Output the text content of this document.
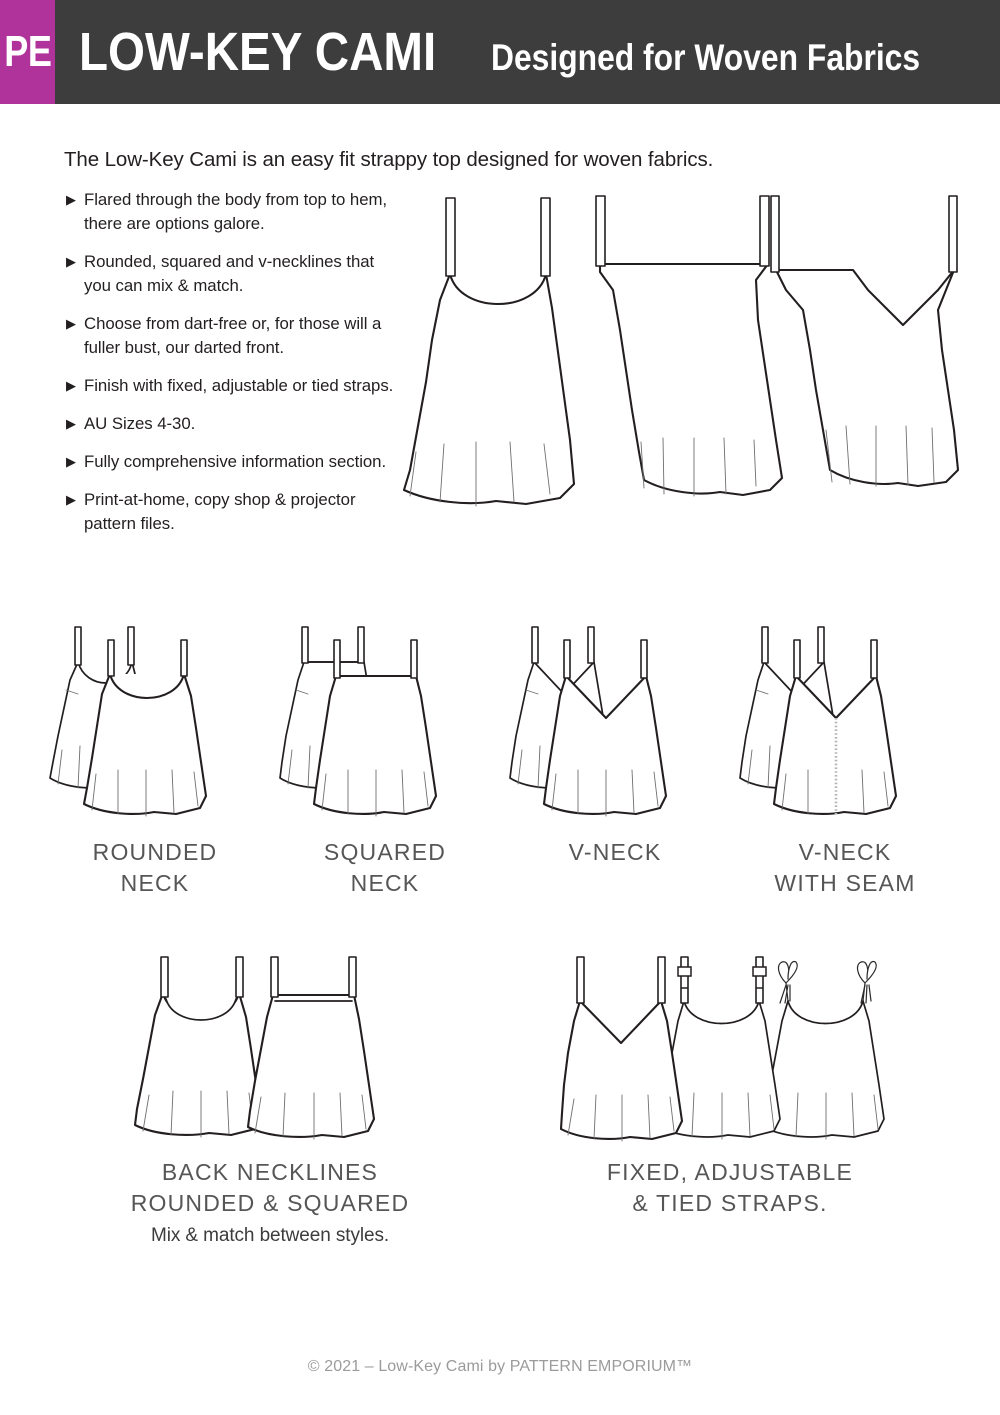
PE LOW-KEY CAMI Designed for Woven Fabrics
The Low-Key Cami is an easy fit strappy top designed for woven fabrics.
▶ Flared through the body from top to hem, there are options galore.
▶ Rounded, squared and v-necklines that you can mix & match.
▶ Choose from dart-free or, for those will a fuller bust, our darted front.
▶ Finish with fixed, adjustable or tied straps.
▶ AU Sizes 4-30.
▶ Fully comprehensive information section.
▶ Print-at-home, copy shop & projector pattern files.
ROUNDED
NECK
SQUARED
NECK
V-NECK	V-NECK
WITH SEAM
BACK NECKLINES
ROUNDED & SQUARED
Mix & match between styles.
FIXED, ADJUSTABLE
& TIED STRAPS.
© 2021 – Low-Key Cami by PATTERN EMPORIUM™
